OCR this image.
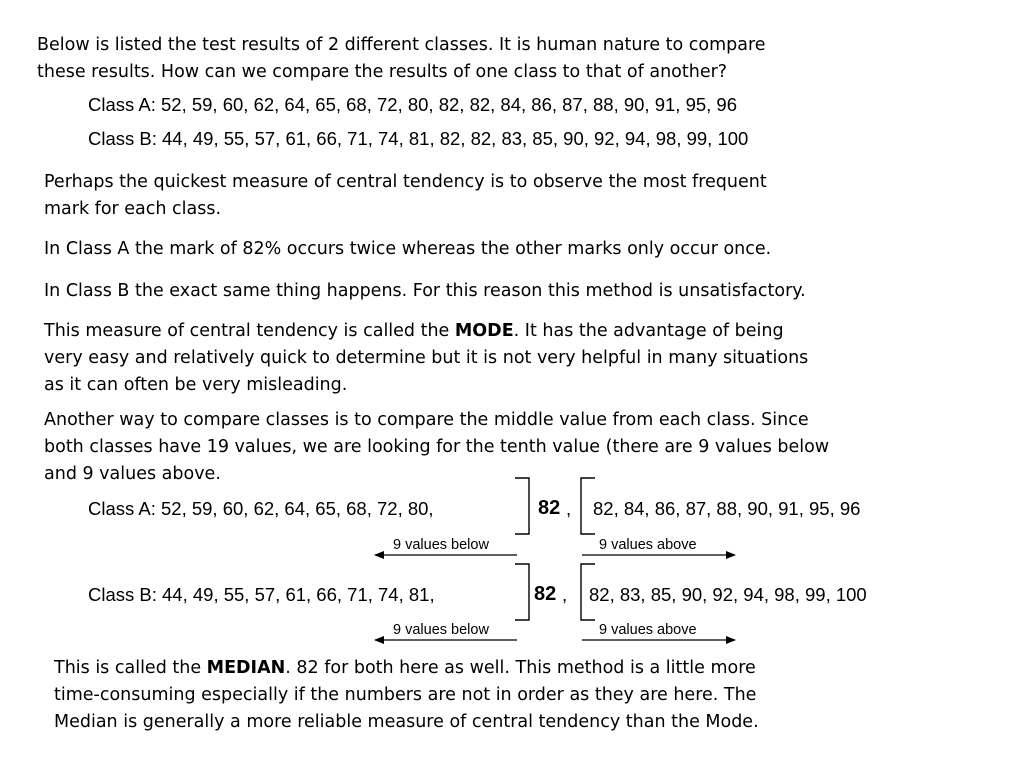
Below is listed the test results of 2 different classes. It is human nature to compare
these results. How can we compare the results of one class to that of another?

Class A: 52, 59, 60, 62, 64, 65, 68, 72, 80, 82, 82, 84, 86, 87, 88, 90, 91, 95, 96
Class B: 44, 49, 55, 57, 61, 66, 71, 74, 81, 82, 82, 83, 85, 90, 92, 94, 98, 99, 100

Perhaps the quickest measure of central tendency is to observe the most frequent
mark for each class.

In Class A the mark of 82% occurs twice whereas the other marks only occur once.

In Class B the exact same thing happens. For this reason this method is unsatisfactory.

This measure of central tendency is called the MODE. It has the advantage of being
very easy and relatively quick to determine but it is not very helpful in many situations
as it can often be very misleading.

Another way to compare classes is to compare the middle value from each class. Since
both classes have 19 values, we are looking for the tenth value (there are 9 values below
and 9 values above.

Class A: 52, 59, 60, 62, 64, 65, 68, 72, 80,	82 , 82, 84, 86, 87, 88, 90, 91, 95, 96
9 values below	9 values above
Class B: 44, 49, 55, 57, 61, 66, 71, 74, 81,	82 , 82, 83, 85, 90, 92, 94, 98, 99, 100
9 values below	9 values above

This is called the MEDIAN. 82 for both here as well. This method is a little more
time-consuming especially if the numbers are not in order as they are here. The
Median is generally a more reliable measure of central tendency than the Mode.
